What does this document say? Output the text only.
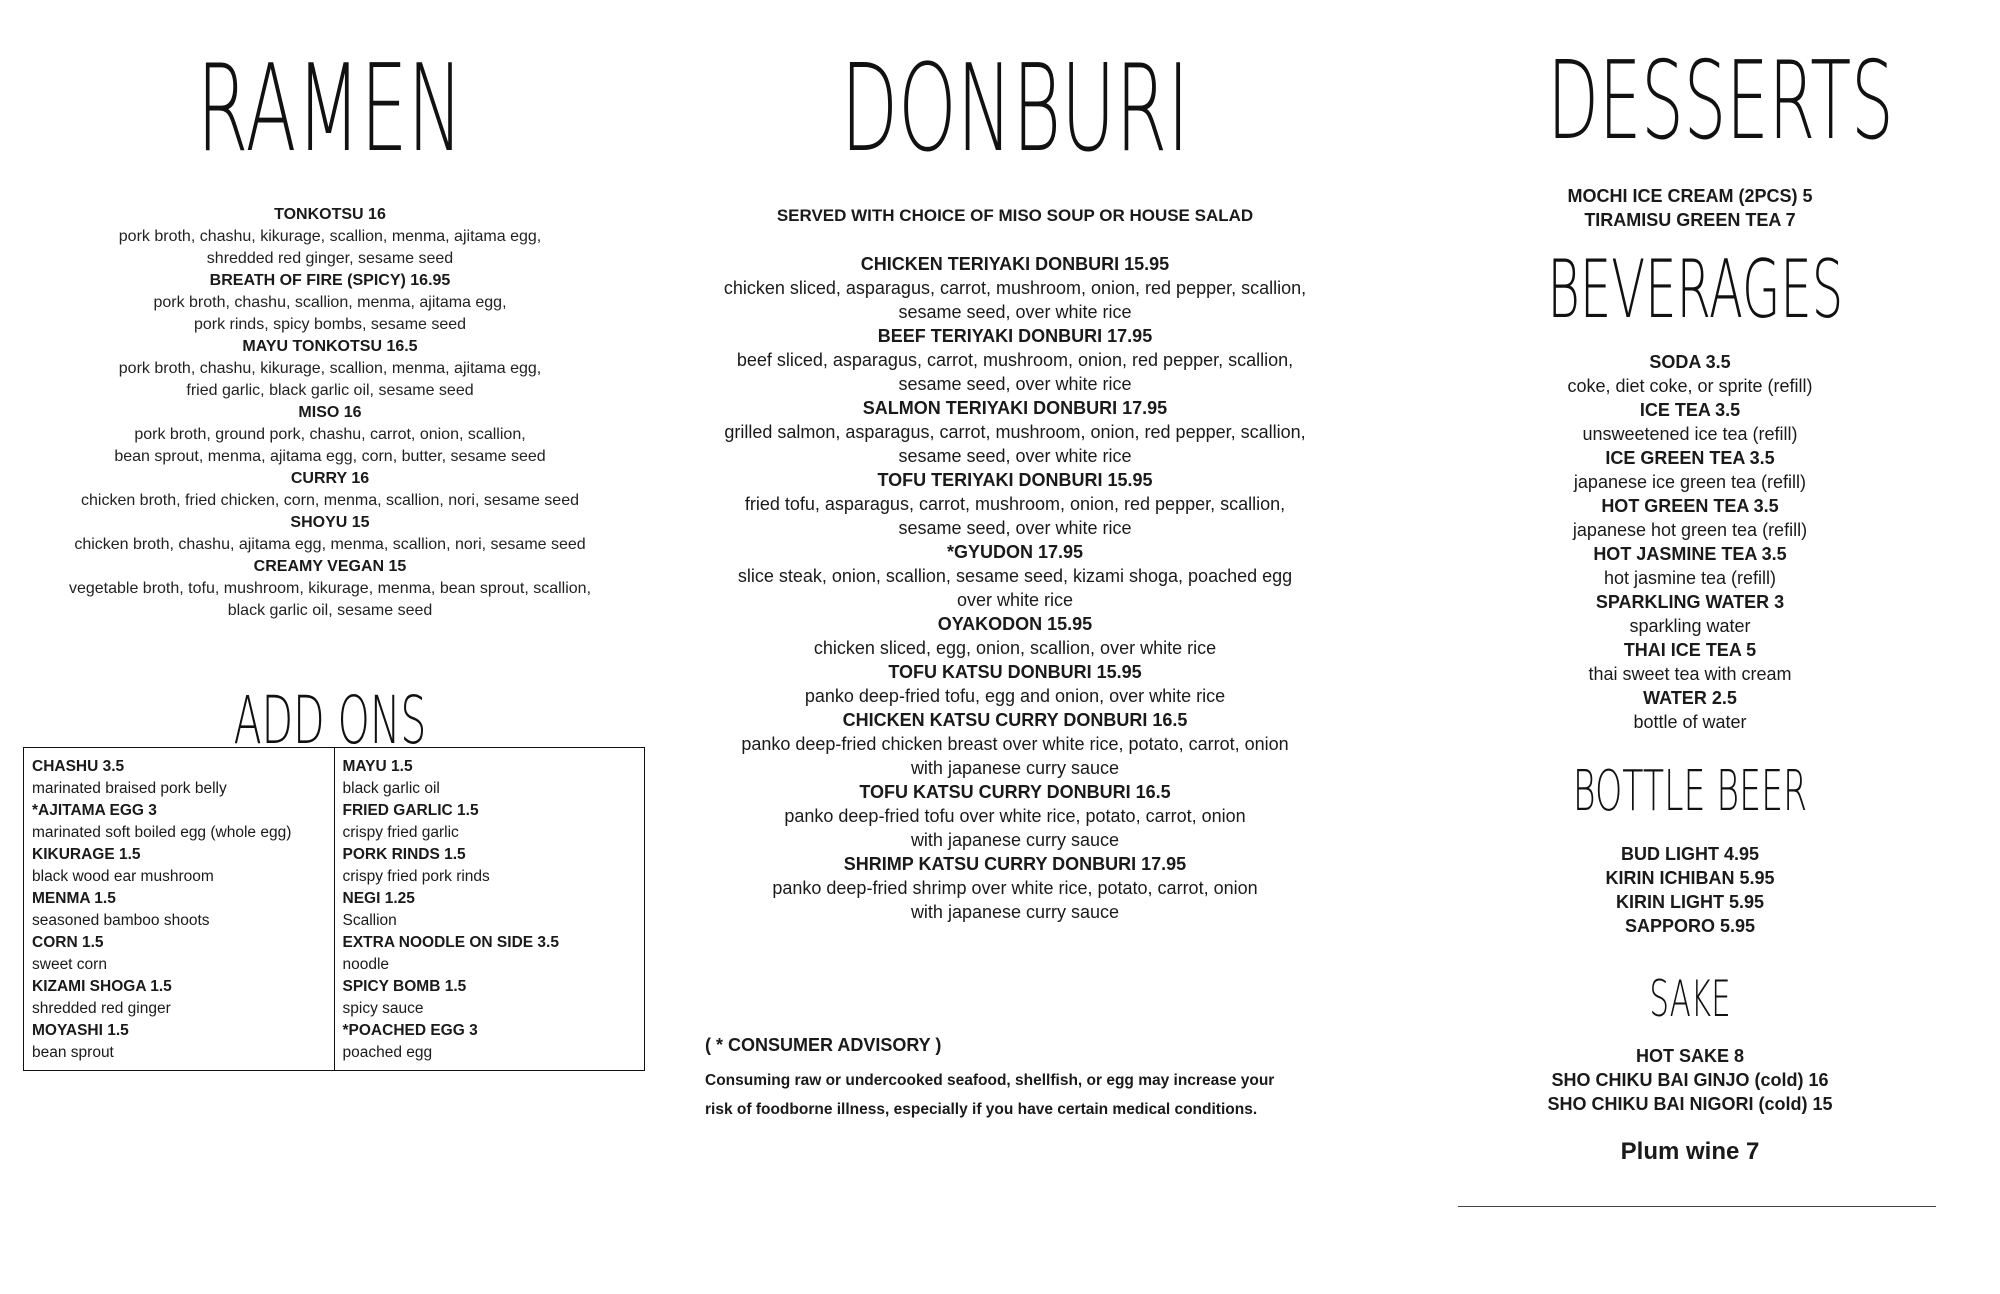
RAMEN
TONKOTSU 16
pork broth, chashu, kikurage, scallion, menma, ajitama egg,
shredded red ginger, sesame seed
BREATH OF FIRE (SPICY) 16.95
pork broth, chashu, scallion, menma, ajitama egg,
pork rinds, spicy bombs, sesame seed
MAYU TONKOTSU 16.5
pork broth, chashu, kikurage, scallion, menma, ajitama egg,
fried garlic, black garlic oil, sesame seed
MISO 16
pork broth, ground pork, chashu, carrot, onion, scallion,
bean sprout, menma, ajitama egg, corn, butter, sesame seed
CURRY 16
chicken broth, fried chicken, corn, menma, scallion, nori, sesame seed
SHOYU 15
chicken broth, chashu, ajitama egg, menma, scallion, nori, sesame seed
CREAMY VEGAN 15
vegetable broth, tofu, mushroom, kikurage, menma, bean sprout, scallion,
black garlic oil, sesame seed
ADD ONS
CHASHU 3.5
marinated braised pork belly
*AJITAMA EGG 3
marinated soft boiled egg (whole egg)
KIKURAGE 1.5
black wood ear mushroom
MENMA 1.5
seasoned bamboo shoots
CORN 1.5
sweet corn
KIZAMI SHOGA 1.5
shredded red ginger
MOYASHI 1.5
bean sprout
MAYU 1.5
black garlic oil
FRIED GARLIC 1.5
crispy fried garlic
PORK RINDS 1.5
crispy fried pork rinds
NEGI 1.25
Scallion
EXTRA NOODLE ON SIDE 3.5
noodle
SPICY BOMB 1.5
spicy sauce
*POACHED EGG 3
poached egg
DONBURI
SERVED WITH CHOICE OF MISO SOUP OR HOUSE SALAD
CHICKEN TERIYAKI DONBURI 15.95
chicken sliced, asparagus, carrot, mushroom, onion, red pepper, scallion,
sesame seed, over white rice
BEEF TERIYAKI DONBURI 17.95
beef sliced, asparagus, carrot, mushroom, onion, red pepper, scallion,
sesame seed, over white rice
SALMON TERIYAKI DONBURI 17.95
grilled salmon, asparagus, carrot, mushroom, onion, red pepper, scallion,
sesame seed, over white rice
TOFU TERIYAKI DONBURI 15.95
fried tofu, asparagus, carrot, mushroom, onion, red pepper, scallion,
sesame seed, over white rice
*GYUDON 17.95
slice steak, onion, scallion, sesame seed, kizami shoga, poached egg
over white rice
OYAKODON 15.95
chicken sliced, egg, onion, scallion, over white rice
TOFU KATSU DONBURI 15.95
panko deep-fried tofu, egg and onion, over white rice
CHICKEN KATSU CURRY DONBURI 16.5
panko deep-fried chicken breast over white rice, potato, carrot, onion
with japanese curry sauce
TOFU KATSU CURRY DONBURI 16.5
panko deep-fried tofu over white rice, potato, carrot, onion
with japanese curry sauce
SHRIMP KATSU CURRY DONBURI 17.95
panko deep-fried shrimp over white rice, potato, carrot, onion
with japanese curry sauce
( * CONSUMER ADVISORY )
Consuming raw or undercooked seafood, shellfish, or egg may increase your
risk of foodborne illness, especially if you have certain medical conditions.
DESSERTS
MOCHI ICE CREAM (2PCS) 5
TIRAMISU GREEN TEA 7
BEVERAGES
SODA 3.5
coke, diet coke, or sprite (refill)
ICE TEA 3.5
unsweetened ice tea (refill)
ICE GREEN TEA 3.5
japanese ice green tea (refill)
HOT GREEN TEA 3.5
japanese hot green tea (refill)
HOT JASMINE TEA 3.5
hot jasmine tea (refill)
SPARKLING WATER 3
sparkling water
THAI ICE TEA 5
thai sweet tea with cream
WATER 2.5
bottle of water
BOTTLE BEER
BUD LIGHT 4.95
KIRIN ICHIBAN 5.95
KIRIN LIGHT 5.95
SAPPORO 5.95
SAKE
HOT SAKE 8
SHO CHIKU BAI GINJO (cold) 16
SHO CHIKU BAI NIGORI (cold) 15
Plum wine 7
